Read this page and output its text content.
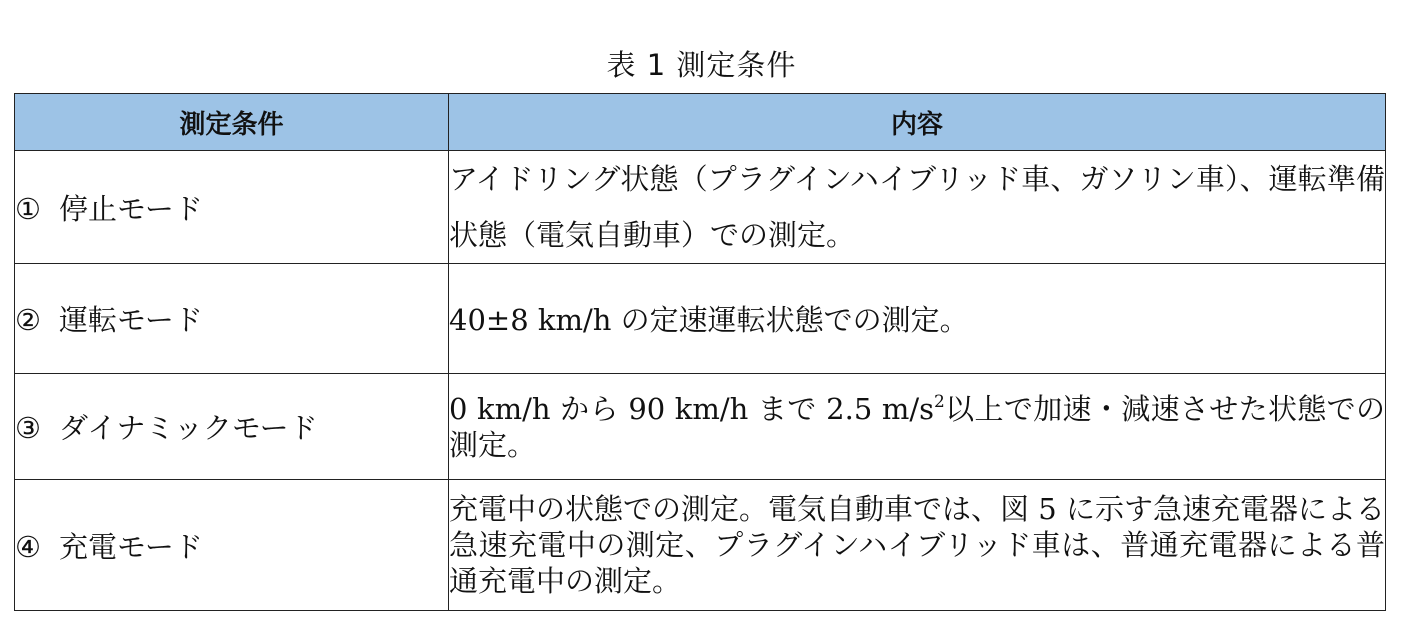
表 1 測定条件
測定条件	内容
① 停止モード	アイドリング状態（プラグインハイブリッド車、ガソリン車）、運転準備状態（電気自動車）での測定。
② 運転モード	40±8 km/h の定速運転状態での測定。
③ ダイナミックモード	0 km/h から 90 km/h まで 2.5 $m/s^2$以上で加速・減速させた状態での測定。
④ 充電モード	充電中の状態での測定。電気自動車では、図 5 に示す急速充電器による急速充電中の測定、プラグインハイブリッド車は、普通充電器による普通充電中の測定。
